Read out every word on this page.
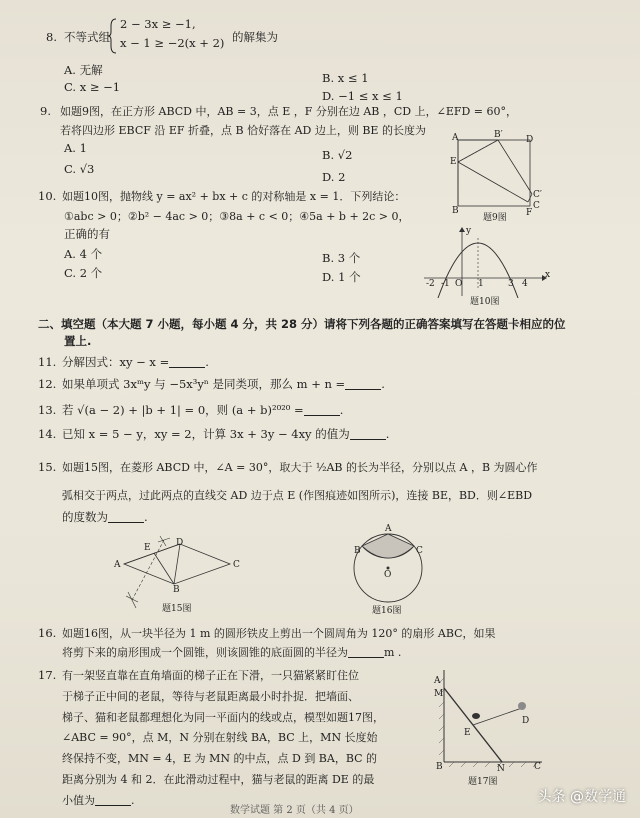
8. 不等式组
2 − 3x ≥ −1,
x − 1 ≥ −2(x + 2) 的解集为
A. 无解
B. x ≤ 1
C. x ≥ −1
D. −1 ≤ x ≤ 1
9. 如题9图，在正方形 ABCD 中，AB = 3，点 E ，F 分别在边 AB ，CD 上，∠EFD = 60°，
若将四边形 EBCF 沿 EF 折叠，点 B 恰好落在 AD 边上，则 BE 的长度为
A. 1	B. √2
C. √3
D. 2
A	B′	D
E
C′
B	C
F
题9图
10. 如题10图，抛物线 y = ax² + bx + c 的对称轴是 x = 1．下列结论：
①abc > 0；②b² − 4ac > 0；③8a + c < 0；④5a + b + 2c > 0，
正确的有
A. 4 个	B. 3 个
C. 2 个	D. 1 个
y
x
-2 -1 O 1	3 4
题10图
二、填空题（本大题 7 小题，每小题 4 分，共 28 分）请将下列各题的正确答案填写在答题卡相应的位
置上.
11. 分解因式：xy − x =	.
12. 如果单项式 3xᵐy 与 −5x³yⁿ 是同类项，那么 m + n =	.
13. 若 √(a − 2) + |b + 1| = 0，则 (a + b)²⁰²⁰ =	.
14. 已知 x = 5 − y，xy = 2，计算 3x + 3y − 4xy 的值为	.
15. 如题15图，在菱形 ABCD 中，∠A = 30°，取大于 ½AB 的长为半径，分别以点 A ，B 为圆心作
弧相交于两点，过此两点的直线交 AD 边于点 E (作图痕迹如图所示)，连接 BE，BD．则∠EBD
的度数为	.
A
E	D
C
B
题15图
A
B	C
O
题16图
16. 如题16图，从一块半径为 1 m 的圆形铁皮上剪出一个圆周角为 120° 的扇形 ABC，如果
将剪下来的扇形围成一个圆锥，则该圆锥的底面圆的半径为	m .
17. 有一架竖直靠在直角墙面的梯子正在下滑，一只猫紧紧盯住位
于梯子正中间的老鼠，等待与老鼠距离最小时扑捉．把墙面、
梯子、猫和老鼠都理想化为同一平面内的线或点，模型如题17图，
∠ABC = 90°，点 M，N 分别在射线 BA，BC 上，MN 长度始
终保持不变，MN = 4，E 为 MN 的中点，点 D 到 BA，BC 的
距离分别为 4 和 2．在此滑动过程中，猫与老鼠的距离 DE 的最
小值为	.
A
M
E
D
B	N	C
题17图
数学试题 第 2 页（共 4 页）
头条 @数学通
